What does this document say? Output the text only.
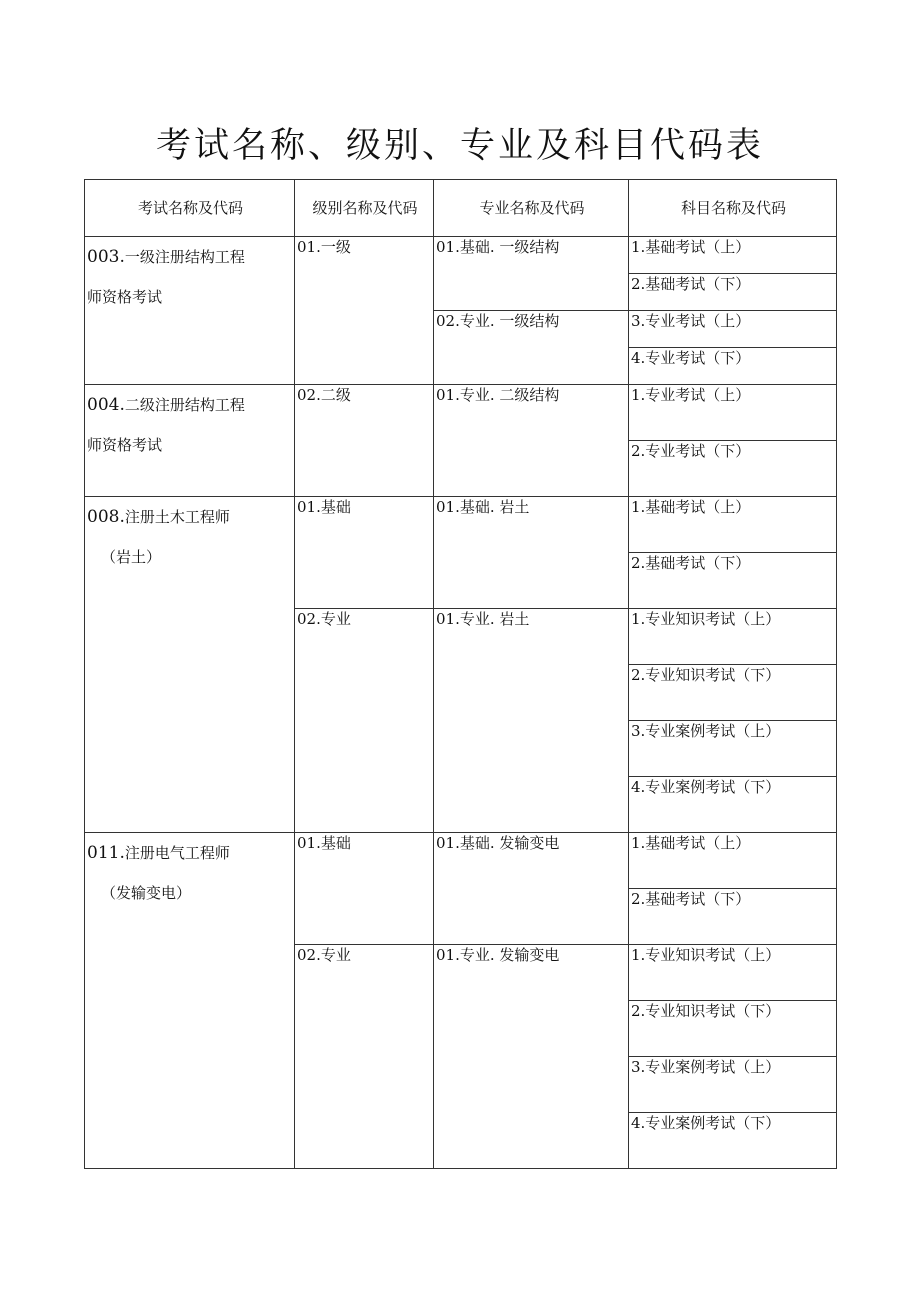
考试名称、级别、专业及科目代码表
考试名称及代码	级别名称及代码	专业名称及代码	科目名称及代码

003.一级注册结构工程
师资格考试	01.一级	01.基础. 一级结构	1.基础考试（上）
			2.基础考试（下）
		02.专业. 一级结构	3.专业考试（上）
			4.专业考试（下）

004.二级注册结构工程
师资格考试	02.二级	01.专业. 二级结构	1.专业考试（上）
			2.专业考试（下）

008.注册土木工程师
（岩土）	01.基础	01.基础. 岩土	1.基础考试（上）
			2.基础考试（下）
	02.专业	01.专业. 岩土	1.专业知识考试（上）
			2.专业知识考试（下）
			3.专业案例考试（上）
			4.专业案例考试（下）

011.注册电气工程师
（发输变电）	01.基础	01.基础. 发输变电	1.基础考试（上）
			2.基础考试（下）
	02.专业	01.专业. 发输变电	1.专业知识考试（上）
			2.专业知识考试（下）
			3.专业案例考试（上）
			4.专业案例考试（下）
